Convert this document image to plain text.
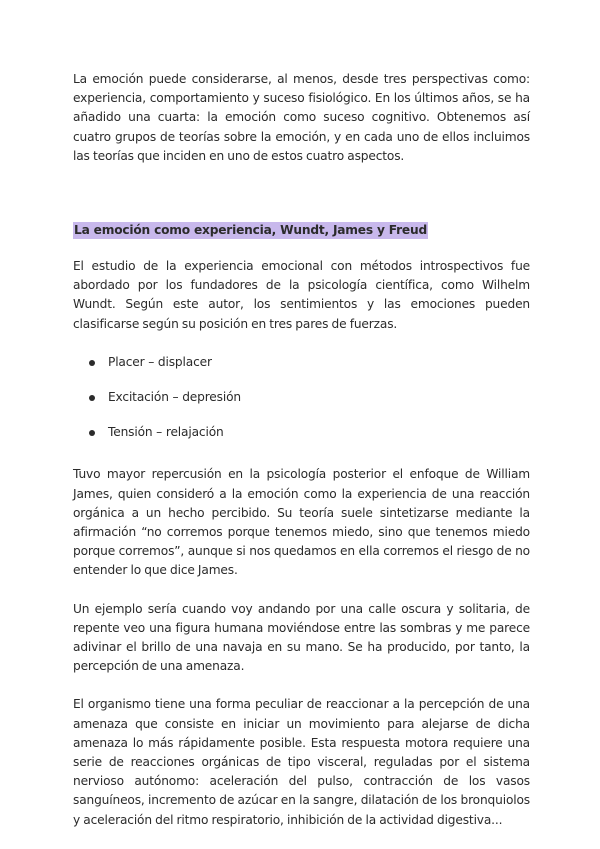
La emoción puede considerarse, al menos, desde tres perspectivas como: experiencia, comportamiento y suceso fisiológico. En los últimos años, se ha añadido una cuarta: la emoción como suceso cognitivo. Obtenemos así cuatro grupos de teorías sobre la emoción, y en cada uno de ellos incluimos las teorías que inciden en uno de estos cuatro aspectos.

La emoción como experiencia, Wundt, James y Freud

El estudio de la experiencia emocional con métodos introspectivos fue abordado por los fundadores de la psicología científica, como Wilhelm Wundt. Según este autor, los sentimientos y las emociones pueden clasificarse según su posición en tres pares de fuerzas.

Placer – displacer
Excitación – depresión
Tensión – relajación

Tuvo mayor repercusión en la psicología posterior el enfoque de William James, quien consideró a la emoción como la experiencia de una reacción orgánica a un hecho percibido. Su teoría suele sintetizarse mediante la afirmación “no corremos porque tenemos miedo, sino que tenemos miedo porque corremos”, aunque si nos quedamos en ella corremos el riesgo de no entender lo que dice James.

Un ejemplo sería cuando voy andando por una calle oscura y solitaria, de repente veo una figura humana moviéndose entre las sombras y me parece adivinar el brillo de una navaja en su mano. Se ha producido, por tanto, la percepción de una amenaza.

El organismo tiene una forma peculiar de reaccionar a la percepción de una amenaza que consiste en iniciar un movimiento para alejarse de dicha amenaza lo más rápidamente posible. Esta respuesta motora requiere una serie de reacciones orgánicas de tipo visceral, reguladas por el sistema nervioso autónomo: aceleración del pulso, contracción de los vasos sanguíneos, incremento de azúcar en la sangre, dilatación de los bronquiolos y aceleración del ritmo respiratorio, inhibición de la actividad digestiva...
